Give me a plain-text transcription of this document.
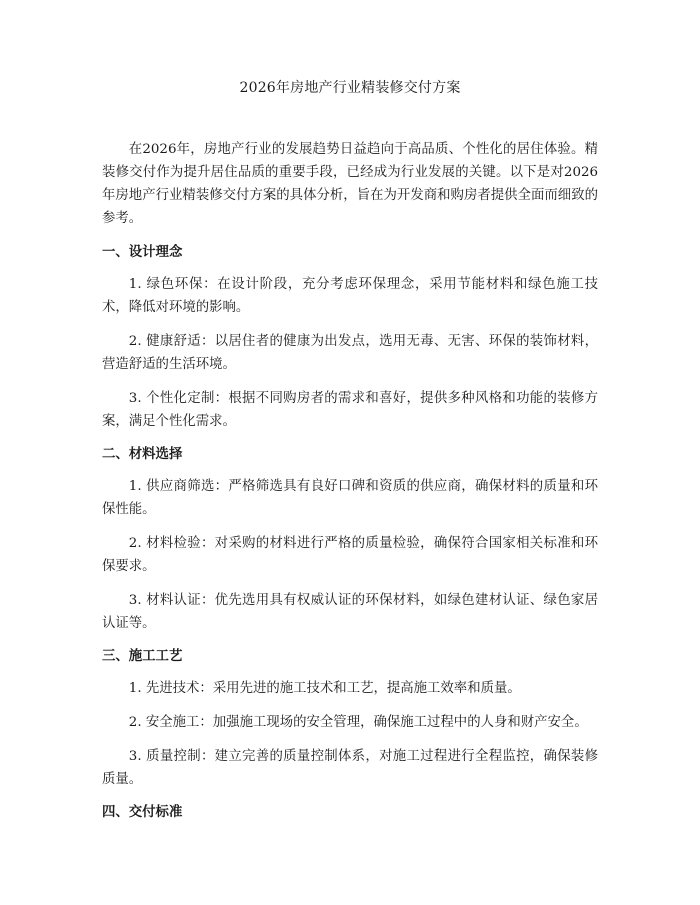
2026年房地产行业精装修交付方案

在2026年，房地产行业的发展趋势日益趋向于高品质、个性化的居住体验。精装修交付作为提升居住品质的重要手段，已经成为行业发展的关键。以下是对2026年房地产行业精装修交付方案的具体分析，旨在为开发商和购房者提供全面而细致的参考。

一、设计理念

1. 绿色环保：在设计阶段，充分考虑环保理念，采用节能材料和绿色施工技术，降低对环境的影响。

2. 健康舒适：以居住者的健康为出发点，选用无毒、无害、环保的装饰材料，营造舒适的生活环境。

3. 个性化定制：根据不同购房者的需求和喜好，提供多种风格和功能的装修方案，满足个性化需求。

二、材料选择

1. 供应商筛选：严格筛选具有良好口碑和资质的供应商，确保材料的质量和环保性能。

2. 材料检验：对采购的材料进行严格的质量检验，确保符合国家相关标准和环保要求。

3. 材料认证：优先选用具有权威认证的环保材料，如绿色建材认证、绿色家居认证等。

三、施工工艺

1. 先进技术：采用先进的施工技术和工艺，提高施工效率和质量。

2. 安全施工：加强施工现场的安全管理，确保施工过程中的人身和财产安全。

3. 质量控制：建立完善的质量控制体系，对施工过程进行全程监控，确保装修质量。

四、交付标准
